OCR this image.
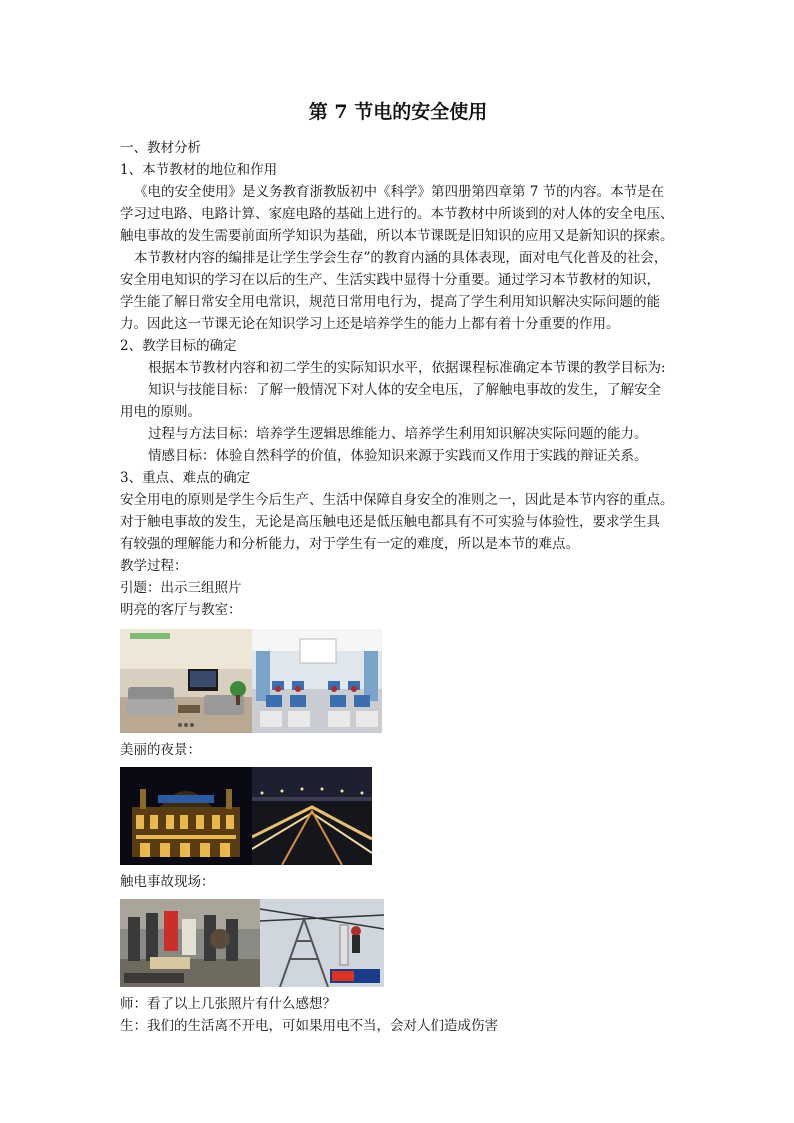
第 7 节电的安全使用

一、教材分析

1、本节教材的地位和作用

《电的安全使用》是义务教育浙教版初中《科学》第四册第四章第 7 节的内容。本节是在

学习过电路、电路计算、家庭电路的基础上进行的。本节教材中所谈到的对人体的安全电压、

触电事故的发生需要前面所学知识为基础，所以本节课既是旧知识的应用又是新知识的探索。

本节教材内容的编排是让学生学会生存”的教育内涵的具体表现，面对电气化普及的社会，

安全用电知识的学习在以后的生产、生活实践中显得十分重要。通过学习本节教材的知识，

学生能了解日常安全用电常识，规范日常用电行为，提高了学生利用知识解决实际问题的能

力。因此这一节课无论在知识学习上还是培养学生的能力上都有着十分重要的作用。

2、教学目标的确定

根据本节教材内容和初二学生的实际知识水平，依据课程标准确定本节课的教学目标为:

知识与技能目标：了解一般情况下对人体的安全电压，了解触电事故的发生，了解安全

用电的原则。

过程与方法目标：培养学生逻辑思维能力、培养学生利用知识解决实际问题的能力。

情感目标：体验自然科学的价值，体验知识来源于实践而又作用于实践的辩证关系。

3、重点、难点的确定

安全用电的原则是学生今后生产、生活中保障自身安全的准则之一，因此是本节内容的重点。

对于触电事故的发生，无论是高压触电还是低压触电都具有不可实验与体验性，要求学生具

有较强的理解能力和分析能力，对于学生有一定的难度，所以是本节的难点。

教学过程：

引题：出示三组照片

明亮的客厅与教室：

美丽的夜景：

触电事故现场：

师：看了以上几张照片有什么感想？

生：我们的生活离不开电，可如果用电不当，会对人们造成伤害
